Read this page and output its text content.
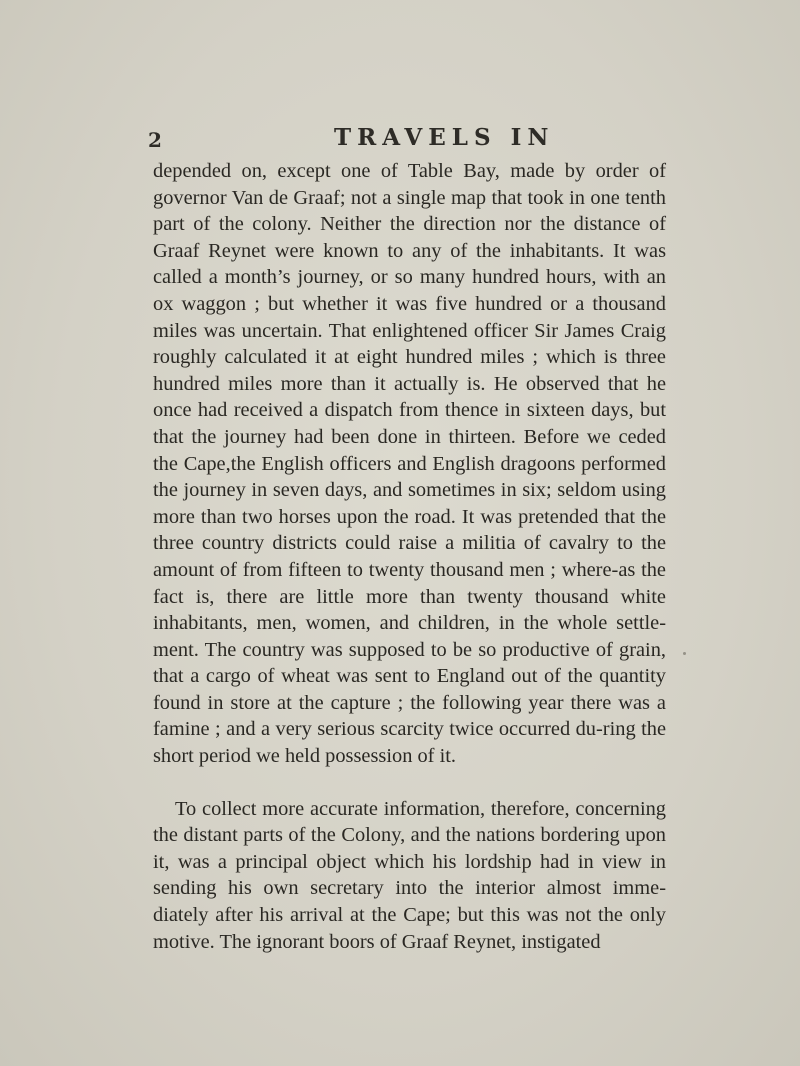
2	TRAVELS IN

depended on, except one of Table Bay, made by order of governor Van de Graaf; not a single map that took in one tenth part of the colony. Neither the direction nor the distance of Graaf Reynet were known to any of the inhabitants. It was called a month’s journey, or so many hundred hours, with an ox waggon ; but whether it was five hundred or a thousand miles was uncertain. That enlightened officer Sir James Craig roughly calculated it at eight hundred miles ; which is three hundred miles more than it actually is. He observed that he once had received a dispatch from thence in sixteen days, but that the journey had been done in thirteen. Before we ceded the Cape,the English officers and English dragoons performed the journey in seven days, and sometimes in six; seldom using more than two horses upon the road. It was pretended that the three country districts could raise a militia of cavalry to the amount of from fifteen to twenty thousand men ; where-as the fact is, there are little more than twenty thousand white inhabitants, men, women, and children, in the whole settle-ment. The country was supposed to be so productive of grain, that a cargo of wheat was sent to England out of the quantity found in store at the capture ; the following year there was a famine ; and a very serious scarcity twice occurred du-ring the short period we held possession of it.

To collect more accurate information, therefore, concerning the distant parts of the Colony, and the nations bordering upon it, was a principal object which his lordship had in view in sending his own secretary into the interior almost imme-diately after his arrival at the Cape; but this was not the only motive. The ignorant boors of Graaf Reynet, instigated
